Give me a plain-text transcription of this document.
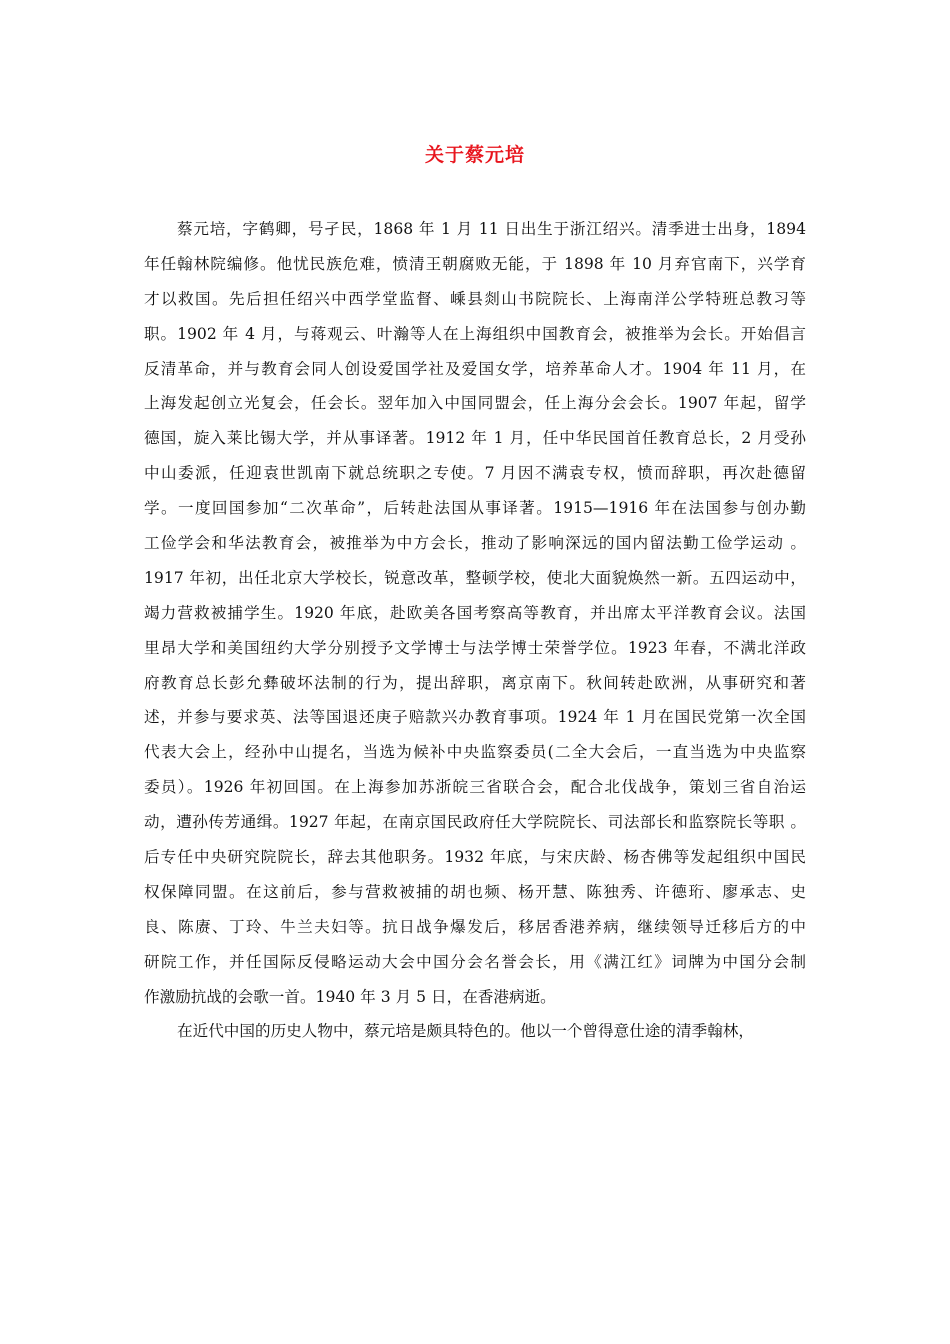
关于蔡元培
蔡元培，字鹤卿，号孑民，1868 年 1 月 11 日出生于浙江绍兴。清季进士出身，1894
年任翰林院编修。他忧民族危难，愤清王朝腐败无能，于 1898 年 10 月弃官南下，兴学育
才以救国。先后担任绍兴中西学堂监督、嵊县剡山书院院长、上海南洋公学特班总教习等
职。1902 年 4 月，与蒋观云、叶瀚等人在上海组织中国教育会，被推举为会长。开始倡言
反清革命，并与教育会同人创设爱国学社及爱国女学，培养革命人才。1904 年 11 月，在
上海发起创立光复会，任会长。翌年加入中国同盟会，任上海分会会长。1907 年起，留学
德国，旋入莱比锡大学，并从事译著。1912 年 1 月，任中华民国首任教育总长，2 月受孙
中山委派，任迎袁世凯南下就总统职之专使。7 月因不满袁专权，愤而辞职，再次赴德留
学。一度回国参加“二次革命”，后转赴法国从事译著。1915—1916 年在法国参与创办勤
工俭学会和华法教育会，被推举为中方会长，推动了影响深远的国内留法勤工俭学运动 。
1917 年初，出任北京大学校长，锐意改革，整顿学校，使北大面貌焕然一新。五四运动中，
竭力营救被捕学生。1920 年底，赴欧美各国考察高等教育，并出席太平洋教育会议。法国
里昂大学和美国纽约大学分别授予文学博士与法学博士荣誉学位。1923 年春，不满北洋政
府教育总长彭允彝破坏法制的行为，提出辞职，离京南下。秋间转赴欧洲，从事研究和著
述，并参与要求英、法等国退还庚子赔款兴办教育事项。1924 年 1 月在国民党第一次全国
代表大会上，经孙中山提名，当选为候补中央监察委员(二全大会后，一直当选为中央监察
委员）。1926 年初回国。在上海参加苏浙皖三省联合会，配合北伐战争，策划三省自治运
动，遭孙传芳通缉。1927 年起，在南京国民政府任大学院院长、司法部长和监察院长等职 。
后专任中央研究院院长，辞去其他职务。1932 年底，与宋庆龄、杨杏佛等发起组织中国民
权保障同盟。在这前后，参与营救被捕的胡也频、杨开慧、陈独秀、许德珩、廖承志、史
良、陈赓、丁玲、牛兰夫妇等。抗日战争爆发后，移居香港养病，继续领导迁移后方的中
研院工作，并任国际反侵略运动大会中国分会名誉会长，用《满江红》词牌为中国分会制
作激励抗战的会歌一首。1940 年 3 月 5 日，在香港病逝。
在近代中国的历史人物中，蔡元培是颇具特色的。他以一个曾得意仕途的清季翰林，
